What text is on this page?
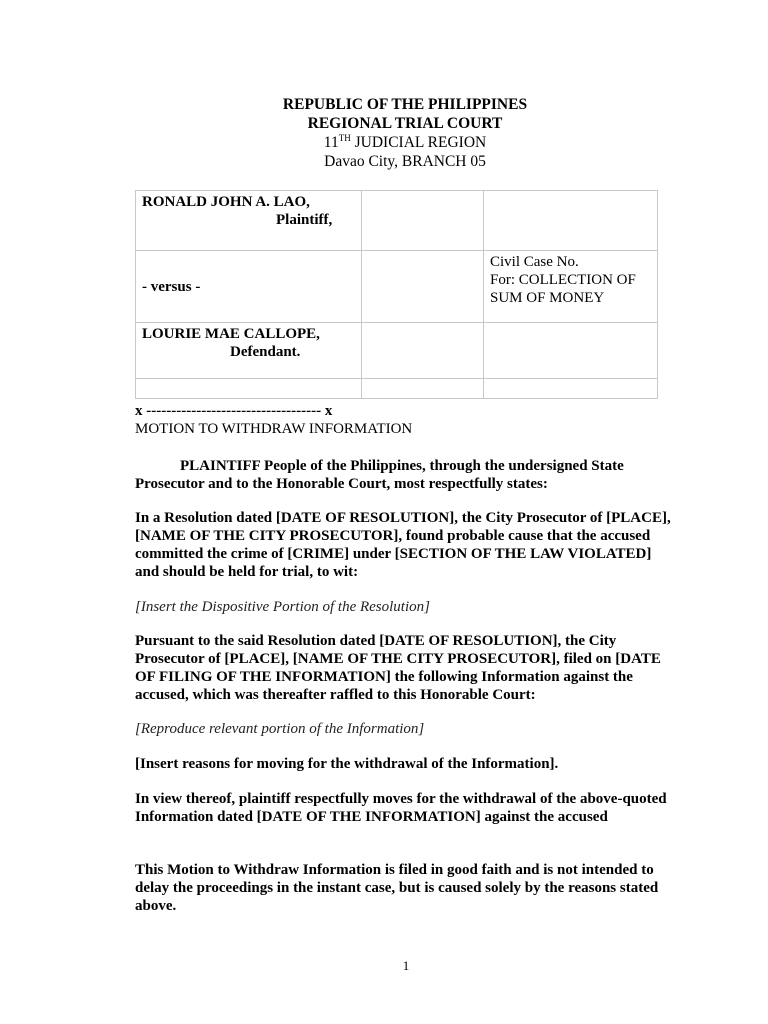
REPUBLIC OF THE PHILIPPINES
REGIONAL TRIAL COURT
11TH JUDICIAL REGION
Davao City, BRANCH 05
RONALD JOHN A. LAO,
Plaintiff,		

- versus -		Civil Case No.
For: COLLECTION OF SUM OF MONEY

LOURIE MAE CALLOPE,
Defendant.		

x ----------------------------------- x
MOTION TO WITHDRAW INFORMATION
PLAINTIFF People of the Philippines, through the undersigned State Prosecutor and to the Honorable Court, most respectfully states:
In a Resolution dated [DATE OF RESOLUTION], the City Prosecutor of [PLACE], [NAME OF THE CITY PROSECUTOR], found probable cause that the accused committed the crime of [CRIME] under [SECTION OF THE LAW VIOLATED] and should be held for trial, to wit:
[Insert the Dispositive Portion of the Resolution]
Pursuant to the said Resolution dated [DATE OF RESOLUTION], the City Prosecutor of [PLACE], [NAME OF THE CITY PROSECUTOR], filed on [DATE OF FILING OF THE INFORMATION] the following Information against the accused, which was thereafter raffled to this Honorable Court:
[Reproduce relevant portion of the Information]
[Insert reasons for moving for the withdrawal of the Information].
In view thereof, plaintiff respectfully moves for the withdrawal of the above-quoted Information dated [DATE OF THE INFORMATION] against the accused
This Motion to Withdraw Information is filed in good faith and is not intended to delay the proceedings in the instant case, but is caused solely by the reasons stated above.
1
